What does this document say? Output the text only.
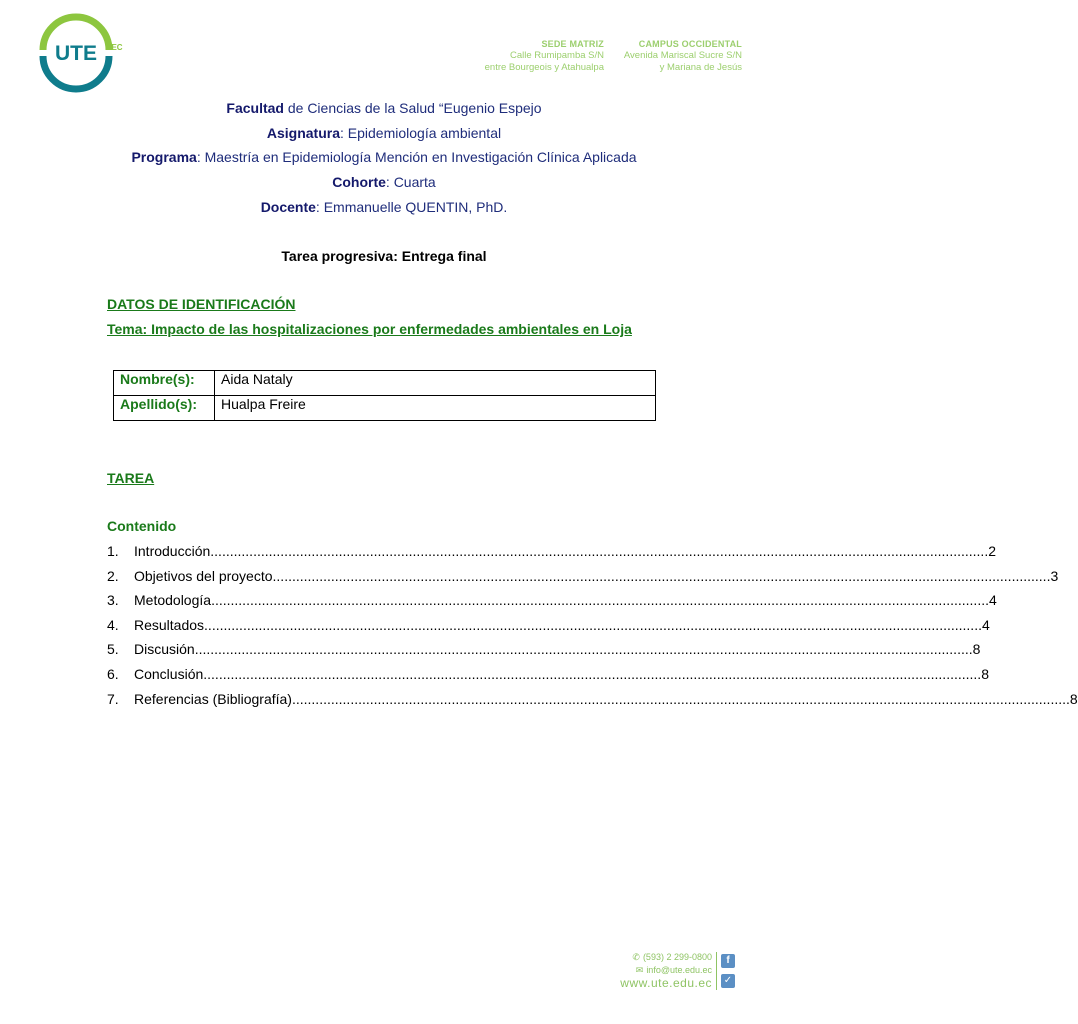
UTE EC	SEDE MATRIZ
Calle Rumipamba S/N
entre Bourgeois y Atahualpa
CAMPUS OCCIDENTAL
Avenida Mariscal Sucre S/N
y Mariana de Jesús
Facultad de Ciencias de la Salud “Eugenio Espejo
Asignatura: Epidemiología ambiental
Programa: Maestría en Epidemiología Mención en Investigación Clínica Aplicada
Cohorte: Cuarta
Docente: Emmanuelle QUENTIN, PhD.
Tarea progresiva: Entrega final
DATOS DE IDENTIFICACIÓN
Tema: Impacto de las hospitalizaciones por enfermedades ambientales en Loja
Nombre(s):	Aida Nataly
Apellido(s):	Hualpa Freire
TAREA
Contenido
1.	Introducción ........................................................................................................................................................................................................ 2
2.	Objetivos del proyecto ........................................................................................................................................................................................................ 3
3.	Metodología ........................................................................................................................................................................................................ 4
4.	Resultados ........................................................................................................................................................................................................ 4
5.	Discusión ........................................................................................................................................................................................................ 8
6.	Conclusión ........................................................................................................................................................................................................ 8
7.	Referencias (Bibliografía) ........................................................................................................................................................................................................ 8
✆ (593) 2 299-0800
✉ info@ute.edu.ec
www.ute.edu.ec
f
✓
